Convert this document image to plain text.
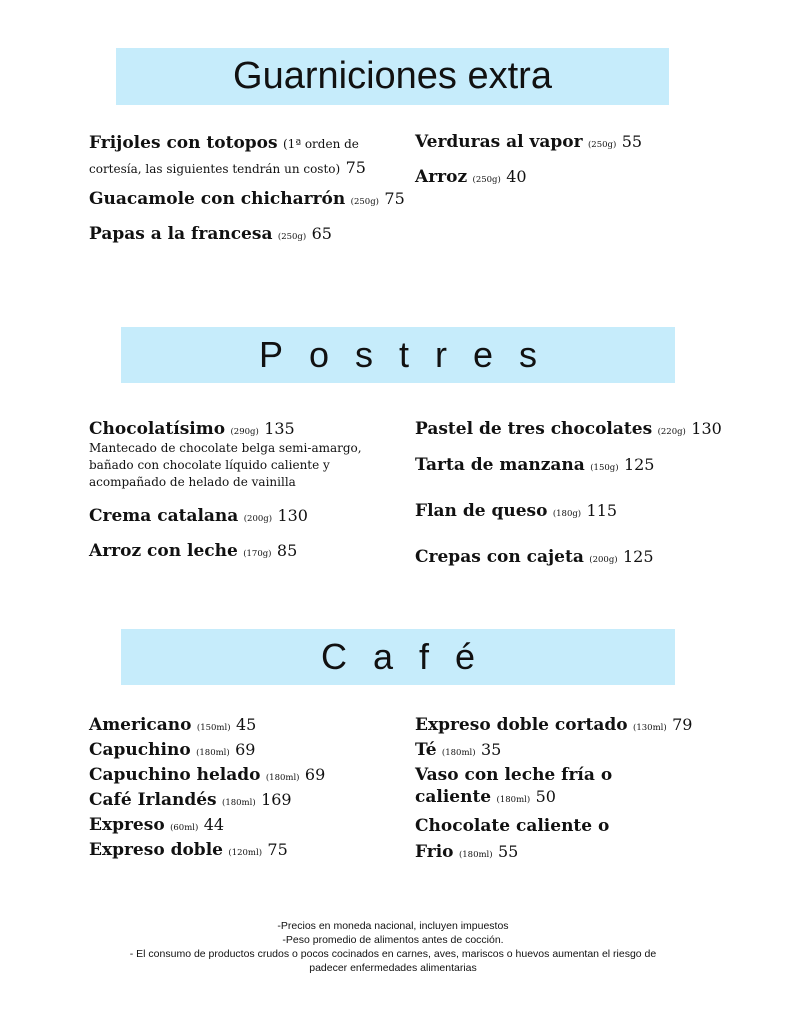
Guarniciones extra
Postres
Café
Frijoles con totopos (1ª orden de cortesía, las siguientes tendrán un costo) 75
Guacamole con chicharrón (250g) 75
Papas a la francesa (250g) 65
Verduras al vapor (250g) 55
Arroz (250g) 40
Chocolatísimo (290g) 135
Mantecado de chocolate belga semi-amargo, bañado con chocolate líquido caliente y acompañado de helado de vainilla
Crema catalana (200g) 130
Arroz con leche (170g) 85
Pastel de tres chocolates (220g) 130
Tarta de manzana (150g) 125
Flan de queso (180g) 115
Crepas con cajeta (200g) 125
Americano (150ml) 45
Capuchino (180ml) 69
Capuchino helado (180ml) 69
Café Irlandés (180ml) 169
Expreso (60ml) 44
Expreso doble (120ml) 75
Expreso doble cortado (130ml) 79
Té (180ml) 35
Vaso con leche fría o
caliente (180ml) 50
Chocolate caliente o
Frio (180ml) 55
-Precios en moneda nacional, incluyen impuestos
-Peso promedio de alimentos antes de cocción.
- El consumo de productos crudos o pocos cocinados en carnes, aves, mariscos o huevos aumentan el riesgo de
padecer enfermedades alimentarias
